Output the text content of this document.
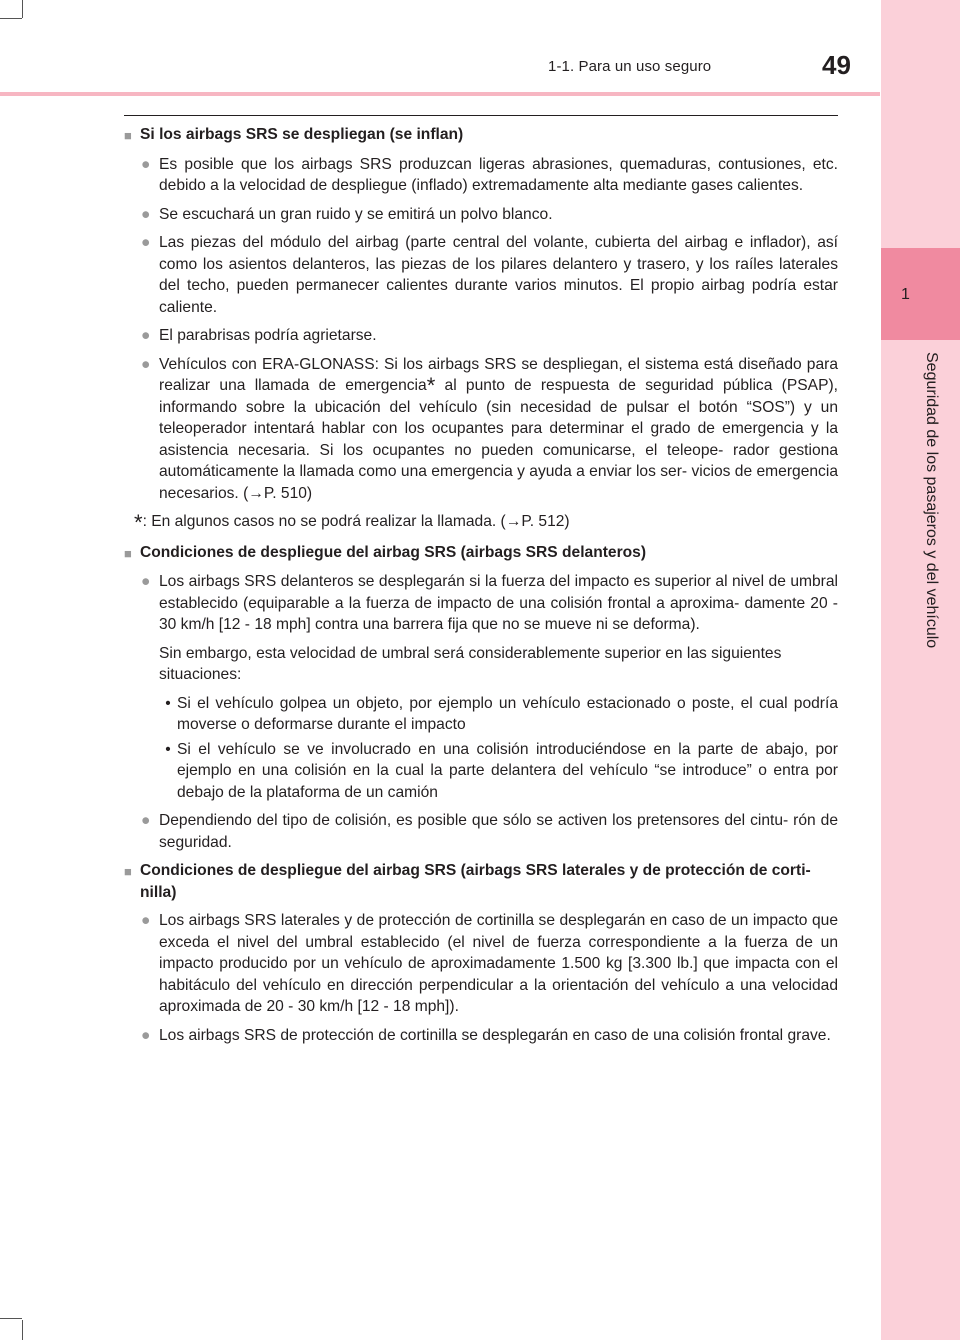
1
Seguridad de los pasajeros y del vehículo
1-1. Para un uso seguro	49
■ Si los airbags SRS se despliegan (se inflan)
● Es posible que los airbags SRS produzcan ligeras abrasiones, quemaduras, contusiones, etc. debido a la velocidad de despliegue (inflado) extremadamente alta mediante gases calientes.
● Se escuchará un gran ruido y se emitirá un polvo blanco.
● Las piezas del módulo del airbag (parte central del volante, cubierta del airbag e inflador), así como los asientos delanteros, las piezas de los pilares delantero y trasero, y los raíles laterales del techo, pueden permanecer calientes durante varios minutos. El propio airbag podría estar caliente.
● El parabrisas podría agrietarse.
● Vehículos con ERA-GLONASS: Si los airbags SRS se despliegan, el sistema está diseñado para realizar una llamada de emergencia* al punto de respuesta de seguridad pública (PSAP), informando sobre la ubicación del vehículo (sin necesidad de pulsar el botón “SOS”) y un teleoperador intentará hablar con los ocupantes para determinar el grado de emergencia y la asistencia necesaria. Si los ocupantes no pueden comunicarse, el teleope- rador gestiona automáticamente la llamada como una emergencia y ayuda a enviar los ser- vicios de emergencia necesarios. (→P. 510)
*: En algunos casos no se podrá realizar la llamada. (→P. 512)
■ Condiciones de despliegue del airbag SRS (airbags SRS delanteros)
● Los airbags SRS delanteros se desplegarán si la fuerza del impacto es superior al nivel de umbral establecido (equiparable a la fuerza de impacto de una colisión frontal a aproxima- damente 20 - 30 km/h [12 - 18 mph] contra una barrera fija que no se mueve ni se deforma).
Sin embargo, esta velocidad de umbral será considerablemente superior en las siguientes situaciones:
• Si el vehículo golpea un objeto, por ejemplo un vehículo estacionado o poste, el cual podría moverse o deformarse durante el impacto
• Si el vehículo se ve involucrado en una colisión introduciéndose en la parte de abajo, por ejemplo en una colisión en la cual la parte delantera del vehículo “se introduce” o entra por debajo de la plataforma de un camión
● Dependiendo del tipo de colisión, es posible que sólo se activen los pretensores del cintu- rón de seguridad.
■ Condiciones de despliegue del airbag SRS (airbags SRS laterales y de protección de corti- nilla)
● Los airbags SRS laterales y de protección de cortinilla se desplegarán en caso de un impacto que exceda el nivel del umbral establecido (el nivel de fuerza correspondiente a la fuerza de un impacto producido por un vehículo de aproximadamente 1.500 kg [3.300 lb.] que impacta con el habitáculo del vehículo en dirección perpendicular a la orientación del vehículo a una velocidad aproximada de 20 - 30 km/h [12 - 18 mph]).
● Los airbags SRS de protección de cortinilla se desplegarán en caso de una colisión frontal grave.
